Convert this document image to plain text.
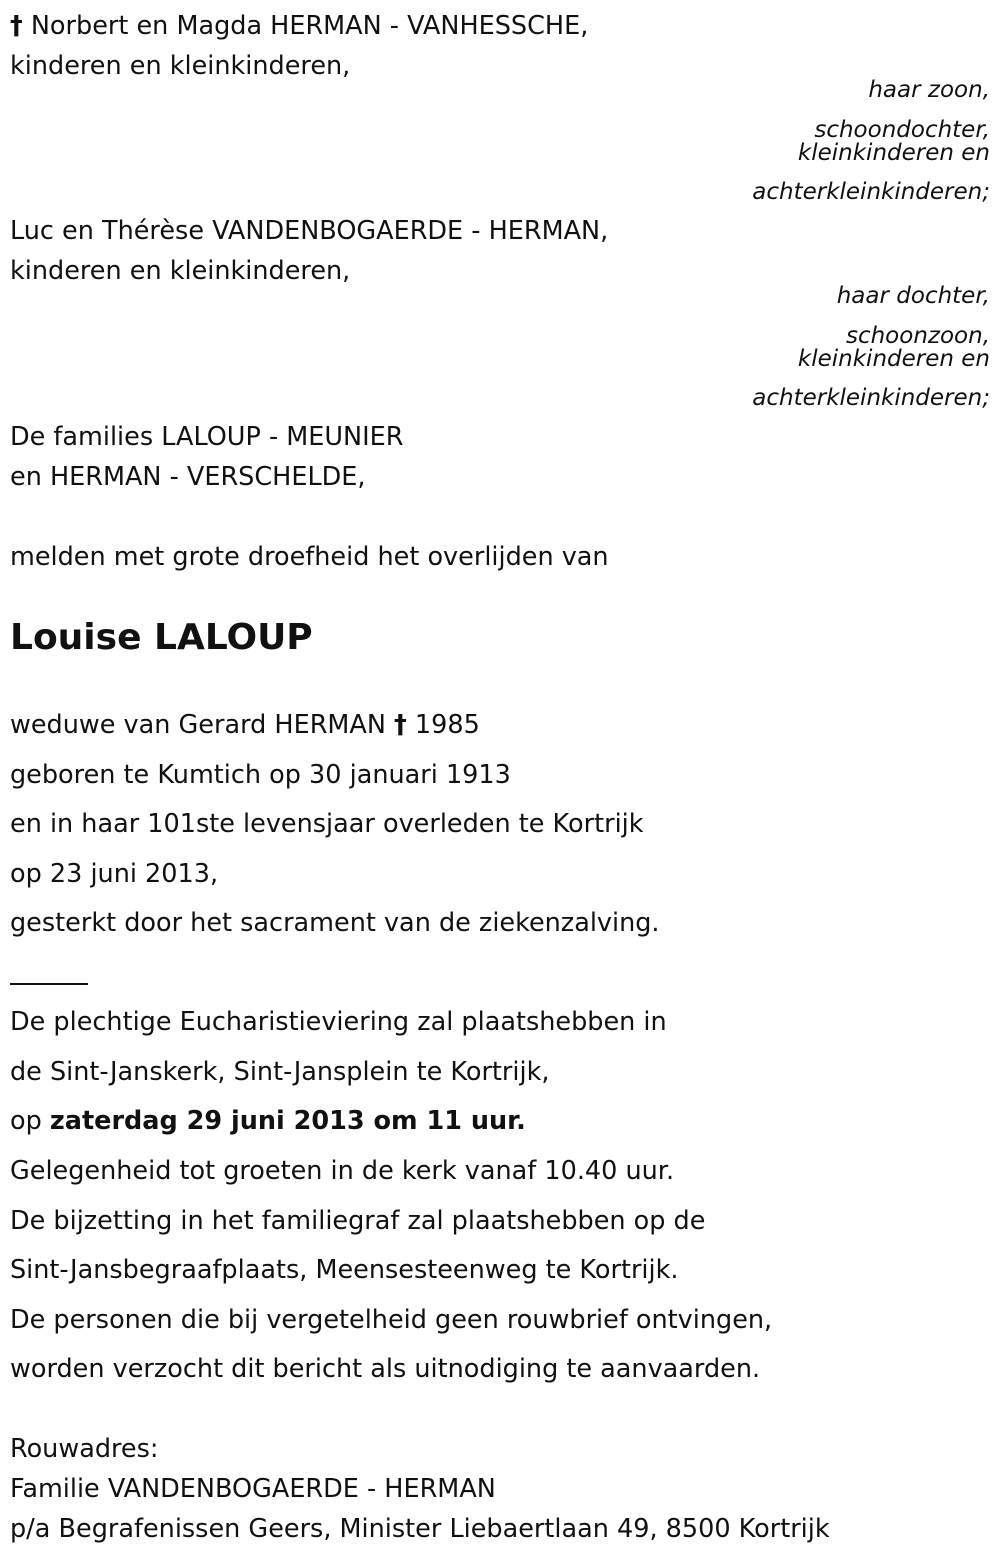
† Norbert en Magda HERMAN - VANHESSCHE,
kinderen en kleinkinderen,
haar zoon,
schoondochter,
kleinkinderen en
achterkleinkinderen;
Luc en Thérèse VANDENBOGAERDE - HERMAN,
kinderen en kleinkinderen,
haar dochter,
schoonzoon,
kleinkinderen en
achterkleinkinderen;
De families LALOUP - MEUNIER
en HERMAN - VERSCHELDE,
melden met grote droefheid het overlijden van
Louise LALOUP
weduwe van Gerard HERMAN † 1985
geboren te Kumtich op 30 januari 1913
en in haar 101ste levensjaar overleden te Kortrijk
op 23 juni 2013,
gesterkt door het sacrament van de ziekenzalving.
De plechtige Eucharistieviering zal plaatshebben in
de Sint-Janskerk, Sint-Jansplein te Kortrijk,
op zaterdag 29 juni 2013 om 11 uur.
Gelegenheid tot groeten in de kerk vanaf 10.40 uur.
De bijzetting in het familiegraf zal plaatshebben op de
Sint-Jansbegraafplaats, Meensesteenweg te Kortrijk.
De personen die bij vergetelheid geen rouwbrief ontvingen,
worden verzocht dit bericht als uitnodiging te aanvaarden.
Rouwadres:
Familie VANDENBOGAERDE - HERMAN
p/a Begrafenissen Geers, Minister Liebaertlaan 49, 8500 Kortrijk
